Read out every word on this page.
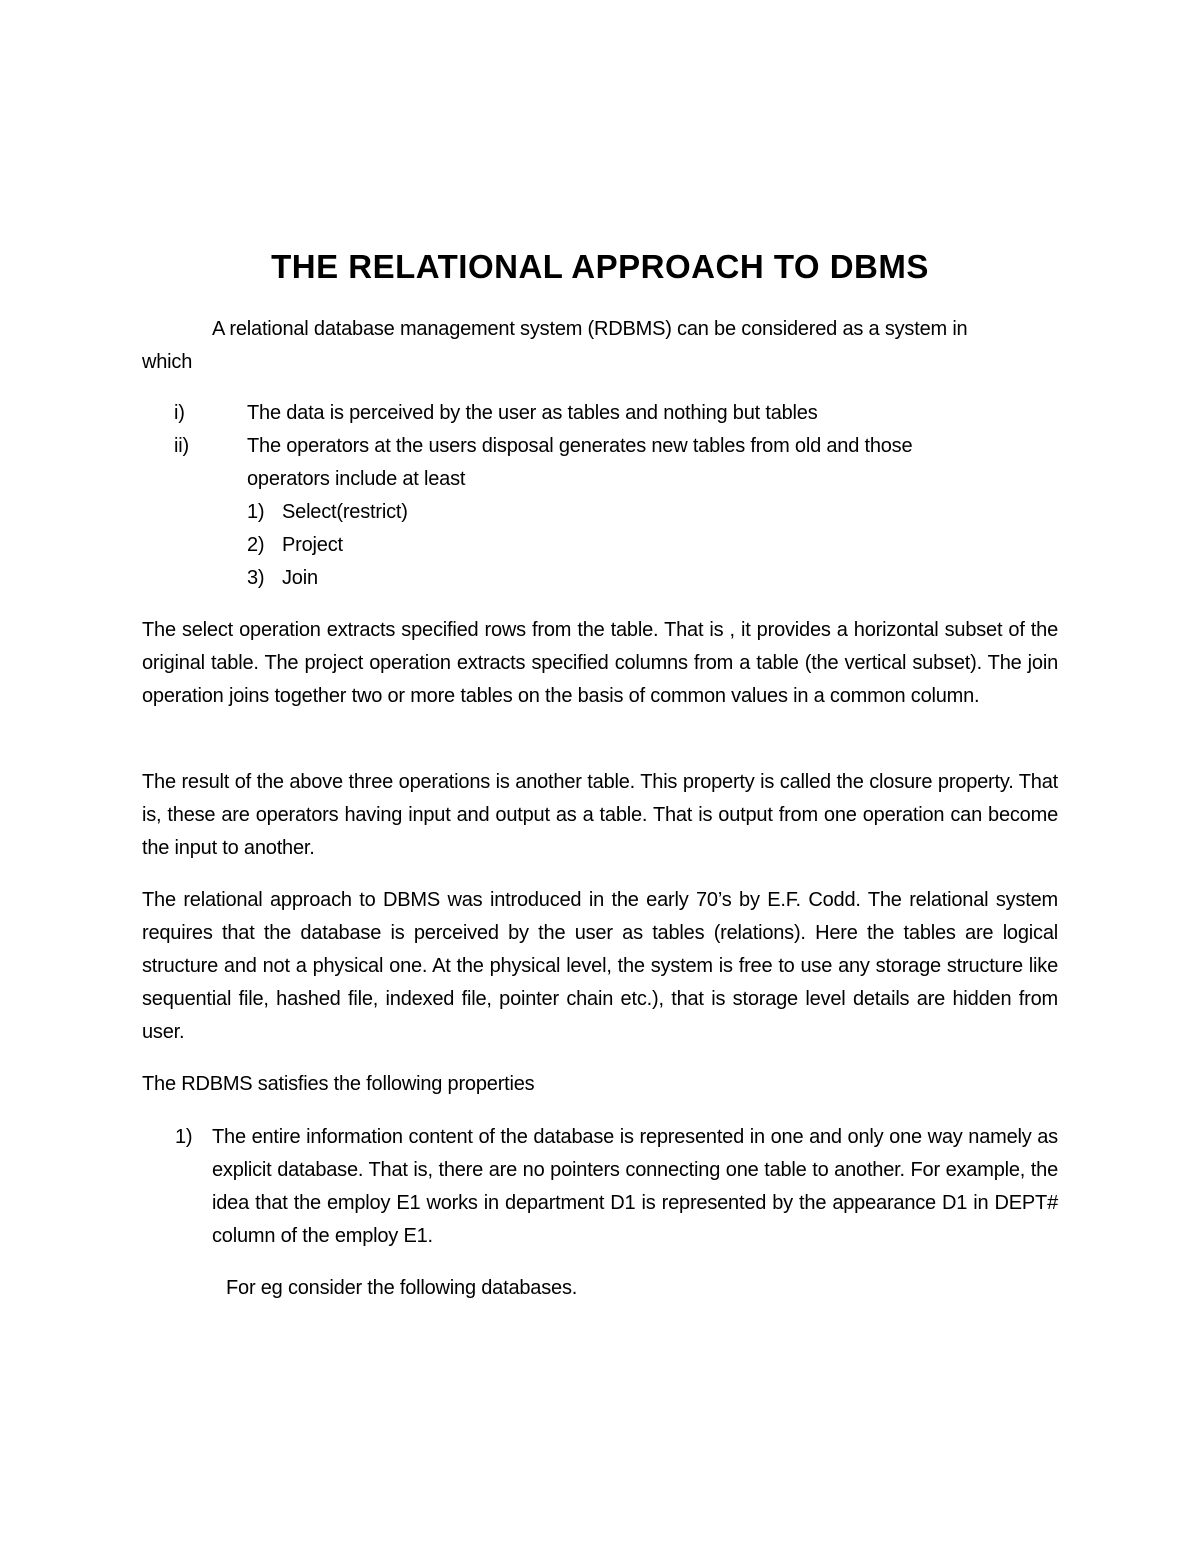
THE RELATIONAL APPROACH TO DBMS
A relational database management system (RDBMS) can be considered as a system in
which
i)	The data is perceived by the user as tables and nothing but tables
ii)	The operators at the users disposal generates new tables from old and those operators include at least
1) Select(restrict)
2) Project
3) Join
The select operation extracts specified rows from the table. That is , it provides a horizontal subset of the original table. The project operation extracts specified columns from a table (the vertical subset). The join operation joins together two or more tables on the basis of common values in a common column.
The result of the above three operations is another table. This property is called the closure property. That is, these are operators having input and output as a table. That is output from one operation can become the input to another.
The relational approach to DBMS was introduced in the early 70’s by E.F. Codd. The relational system requires that the database is perceived by the user as tables (relations). Here the tables are logical structure and not a physical one. At the physical level, the system is free to use any storage structure like sequential file, hashed file, indexed file, pointer chain etc.), that is storage level details are hidden from user.
The RDBMS satisfies the following properties
1) The entire information content of the database is represented in one and only one way namely as explicit database. That is, there are no pointers connecting one table to another. For example, the idea that the employ E1 works in department D1 is represented by the appearance D1 in DEPT# column of the employ E1.
For eg consider the following databases.
